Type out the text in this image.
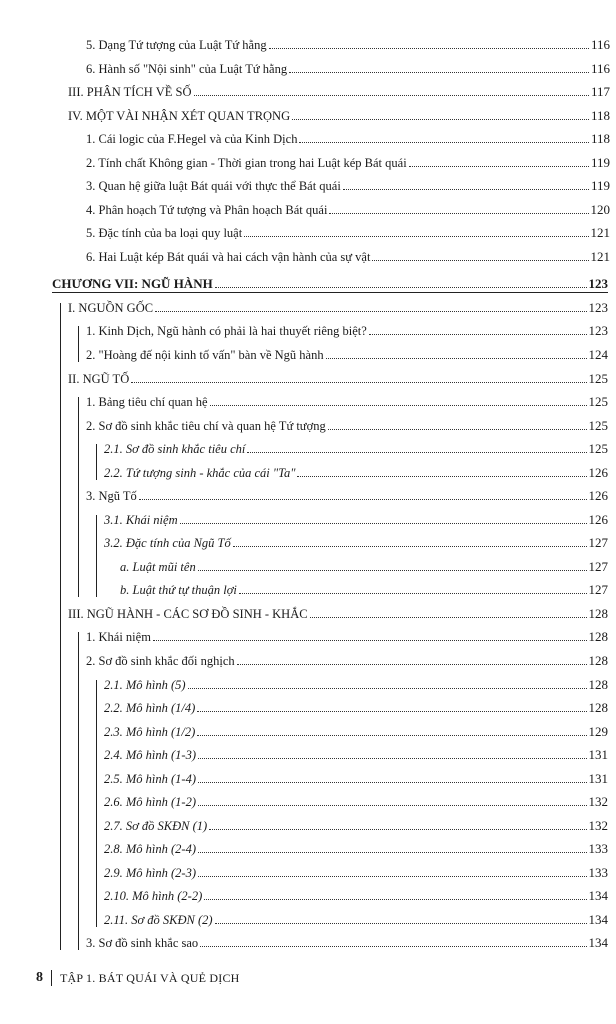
5. Dạng Tứ tượng của Luật Tứ hằng	116
6. Hành số "Nội sinh" của Luật Tứ hằng	116
III. PHÂN TÍCH VỀ SỐ	117
IV. MỘT VÀI NHẬN XÉT QUAN TRỌNG	118
1. Cái logic của F.Hegel và của Kinh Dịch	118
2. Tính chất Không gian - Thời gian trong hai Luật kép Bát quái	119
3. Quan hệ giữa luật Bát quái với thực thể Bát quái	119
4. Phân hoạch Tứ tượng và Phân hoạch Bát quái	120
5. Đặc tính của ba loại quy luật	121
6. Hai Luật kép Bát quái và hai cách vận hành của sự vật	121
CHƯƠNG VII: NGŨ HÀNH	123
I. NGUỒN GỐC	123
1. Kinh Dịch, Ngũ hành có phải là hai thuyết riêng biệt?	123
2. "Hoàng đế nội kinh tố vấn" bàn về Ngũ hành	124
II. NGŨ TỐ	125
1. Bảng tiêu chí quan hệ	125
2. Sơ đồ sinh khắc tiêu chí và quan hệ Tứ tượng	125
2.1. Sơ đồ sinh khắc tiêu chí	125
2.2. Tứ tượng sinh - khắc của cái "Ta"	126
3. Ngũ Tố	126
3.1. Khái niệm	126
3.2. Đặc tính của Ngũ Tố	127
a. Luật mũi tên	127
b. Luật thứ tự thuận lợi	127
III. NGŨ HÀNH - CÁC SƠ ĐỒ SINH - KHẮC	128
1. Khái niệm	128
2. Sơ đồ sinh khắc đối nghịch	128
2.1. Mô hình (5)	128
2.2. Mô hình (1/4)	128
2.3. Mô hình (1/2)	129
2.4. Mô hình (1-3)	131
2.5. Mô hình (1-4)	131
2.6. Mô hình (1-2)	132
2.7. Sơ đồ SKĐN (1)	132
2.8. Mô hình (2-4)	133
2.9. Mô hình (2-3)	133
2.10. Mô hình (2-2)	134
2.11. Sơ đồ SKĐN (2)	134
3. Sơ đồ sinh khắc sao	134
8 TẬP 1. BÁT QUÁI VÀ QUẺ DỊCH
